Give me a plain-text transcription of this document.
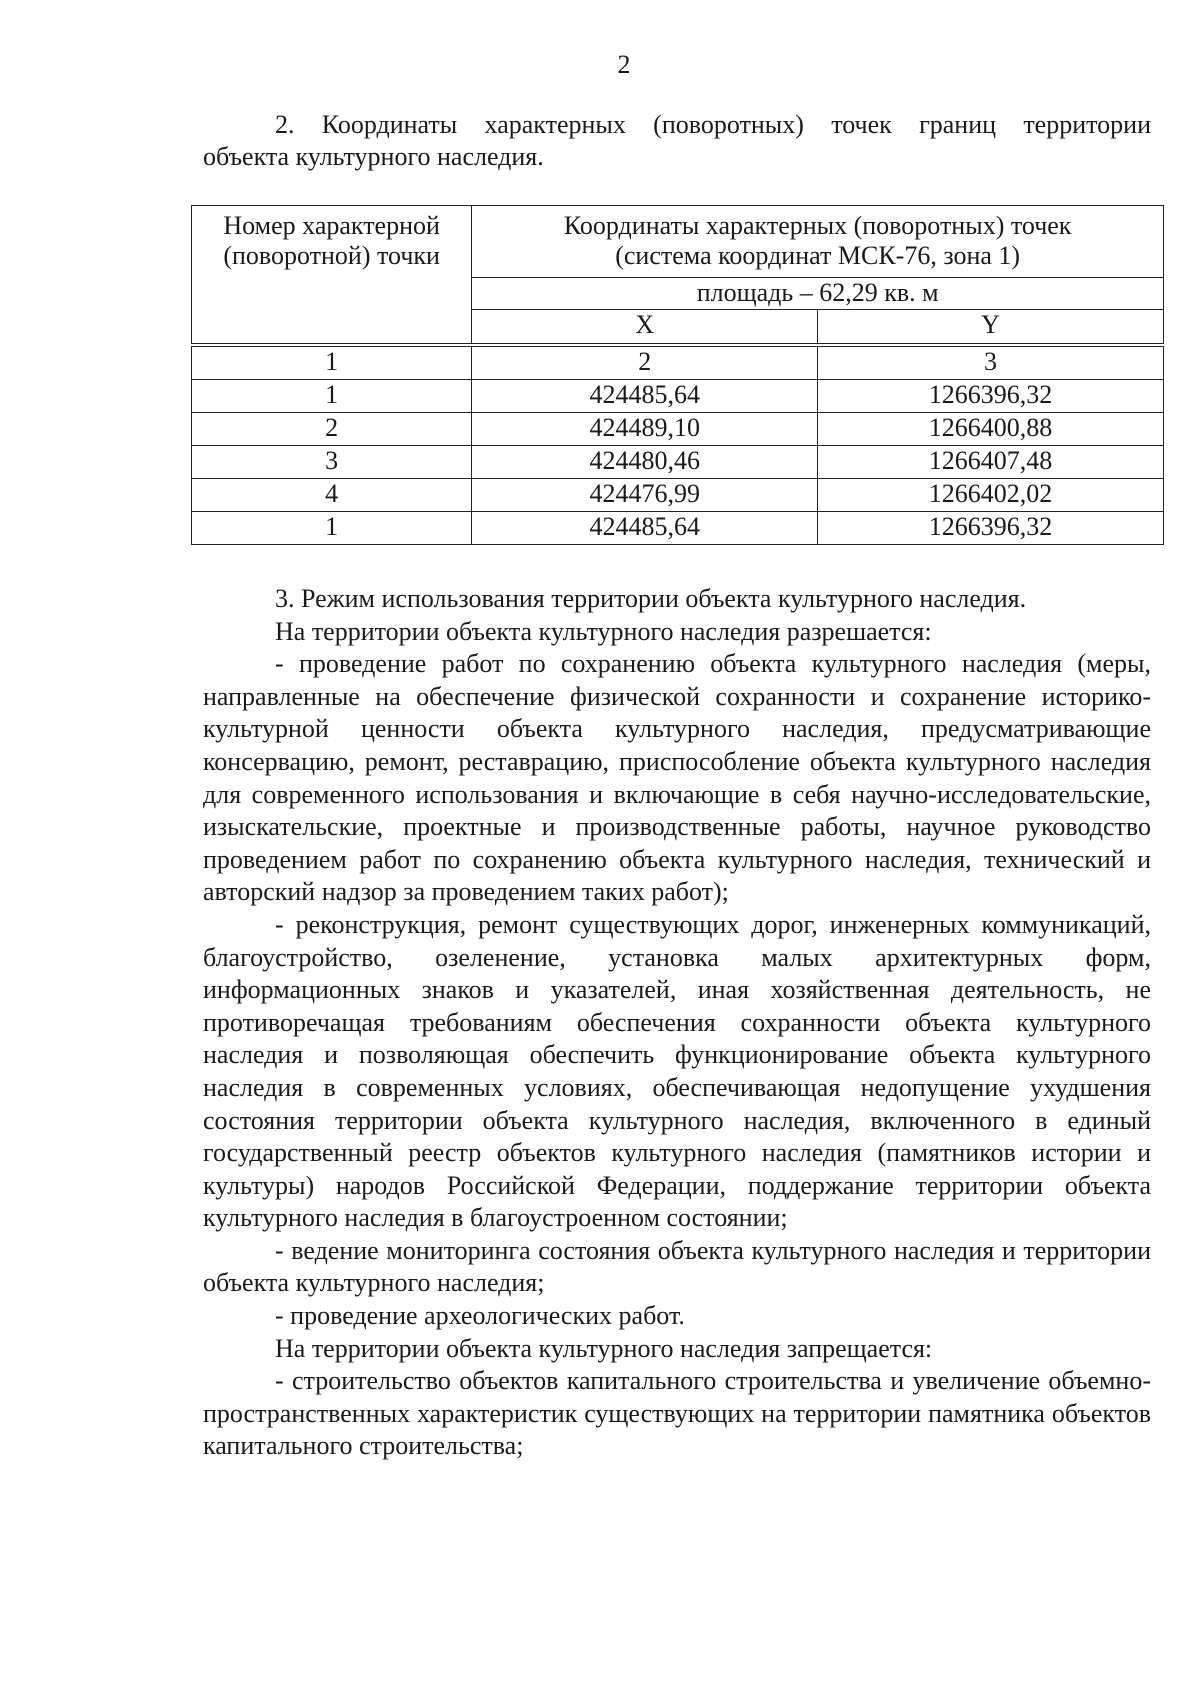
2
2. Координаты характерных (поворотных) точек границ территории
объекта культурного наследия.
Номер характерной (поворотной) точки	Координаты характерных (поворотных) точек (система координат МСК-76, зона 1)	

	площадь – 62,29 кв. м	
	X	Y
1	2	3
1	424485,64	1266396,32
2	424489,10	1266400,88
3	424480,46	1266407,48
4	424476,99	1266402,02
1	424485,64	1266396,32

3. Режим использования территории объекта культурного наследия.

На территории объекта культурного наследия разрешается:

- проведение работ по сохранению объекта культурного наследия (меры, направленные на обеспечение физической сохранности и сохранение историко-культурной ценности объекта культурного наследия, предусматривающие консервацию, ремонт, реставрацию, приспособление объекта культурного наследия для современного использования и включающие в себя научно-исследовательские, изыскательские, проектные и производственные работы, научное руководство проведением работ по сохранению объекта культурного наследия, технический и авторский надзор за проведением таких работ);

- реконструкция, ремонт существующих дорог, инженерных коммуникаций, благоустройство, озеленение, установка малых архитектурных форм, информационных знаков и указателей, иная хозяйственная деятельность, не противоречащая требованиям обеспечения сохранности объекта культурного наследия и позволяющая обеспечить функционирование объекта культурного наследия в современных условиях, обеспечивающая недопущение ухудшения состояния территории объекта культурного наследия, включенного в единый государственный реестр объектов культурного наследия (памятников истории и культуры) народов Российской Федерации, поддержание территории объекта культурного наследия в благоустроенном состоянии;

- ведение мониторинга состояния объекта культурного наследия и территории объекта культурного наследия;

- проведение археологических работ.

На территории объекта культурного наследия запрещается:

- строительство объектов капитального строительства и увеличение объемно-пространственных характеристик существующих на территории памятника объектов капитального строительства;
